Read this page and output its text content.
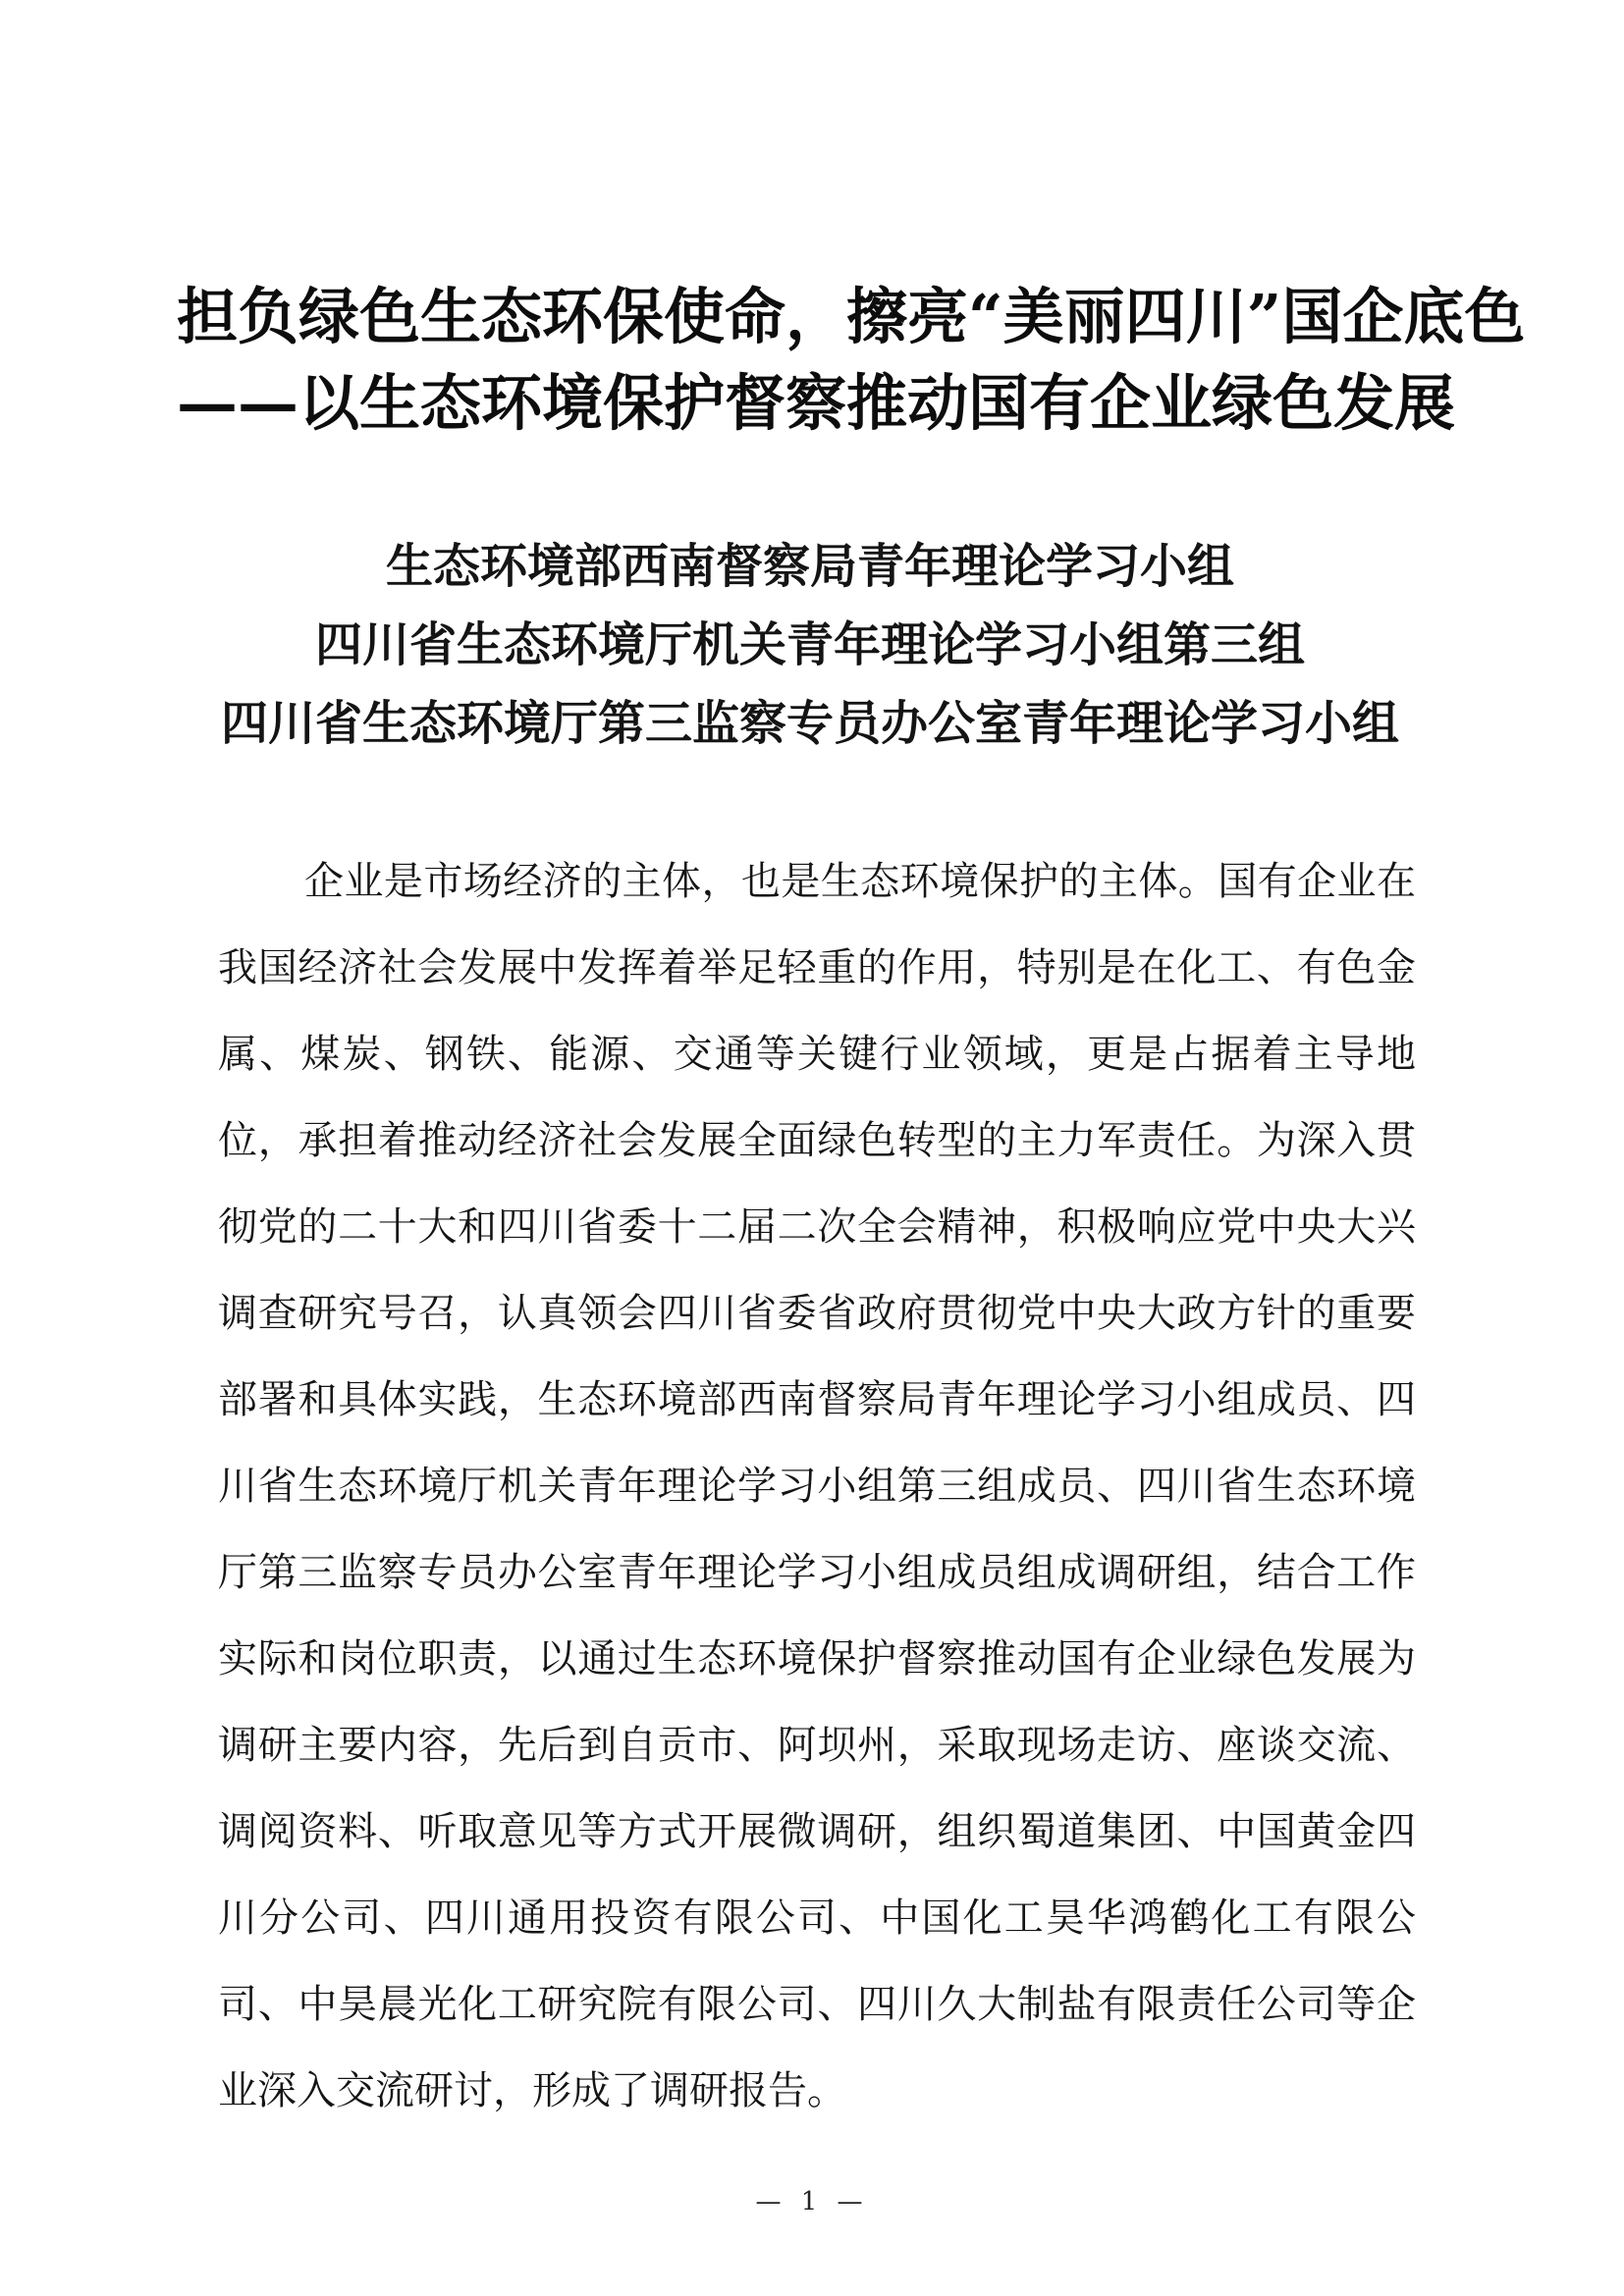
担负绿色生态环保使命，擦亮“美丽四川”国企底色
——以生态环境保护督察推动国有企业绿色发展
生态环境部西南督察局青年理论学习小组
四川省生态环境厅机关青年理论学习小组第三组
四川省生态环境厅第三监察专员办公室青年理论学习小组

企业是市场经济的主体，也是生态环境保护的主体。国有企业在我国经济社会发展中发挥着举足轻重的作用，特别是在化工、有色金属、煤炭、钢铁、能源、交通等关键行业领域，更是占据着主导地位，承担着推动经济社会发展全面绿色转型的主力军责任。为深入贯彻党的二十大和四川省委十二届二次全会精神，积极响应党中央大兴调查研究号召，认真领会四川省委省政府贯彻党中央大政方针的重要部署和具体实践，生态环境部西南督察局青年理论学习小组成员、四川省生态环境厅机关青年理论学习小组第三组成员、四川省生态环境厅第三监察专员办公室青年理论学习小组成员组成调研组，结合工作实际和岗位职责，以通过生态环境保护督察推动国有企业绿色发展为调研主要内容，先后到自贡市、阿坝州，采取现场走访、座谈交流、调阅资料、听取意见等方式开展微调研，组织蜀道集团、中国黄金四川分公司、四川通用投资有限公司、中国化工昊华鸿鹤化工有限公司、中昊晨光化工研究院有限公司、四川久大制盐有限责任公司等企业深入交流研讨，形成了调研报告。

— 1 —
